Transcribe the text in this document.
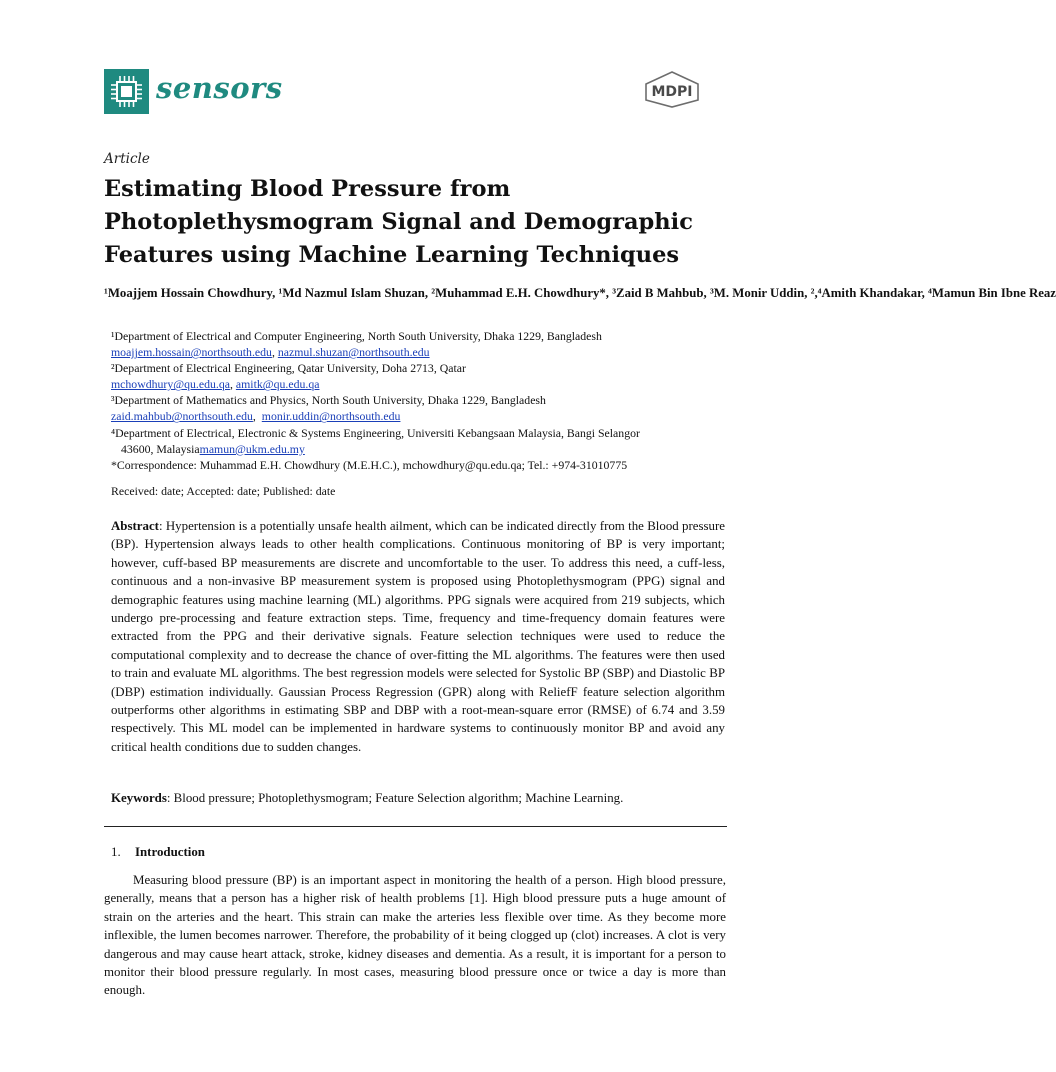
sensors	MDPI
Article
Estimating Blood Pressure from Photoplethysmogram Signal and Demographic Features using Machine Learning Techniques
¹Moajjem Hossain Chowdhury, ¹Md Nazmul Islam Shuzan, ²Muhammad E.H. Chowdhury*, ³Zaid B Mahbub, ³M. Monir Uddin, ²,⁴Amith Khandakar, ⁴Mamun Bin Ibne Reaz
¹Department of Electrical and Computer Engineering, North South University, Dhaka 1229, Bangladesh
moajjem.hossain@northsouth.edu, nazmul.shuzan@northsouth.edu
²Department of Electrical Engineering, Qatar University, Doha 2713, Qatar
mchowdhury@qu.edu.qa, amitk@qu.edu.qa
³Department of Mathematics and Physics, North South University, Dhaka 1229, Bangladesh
zaid.mahbub@northsouth.edu,  monir.uddin@northsouth.edu
⁴Department of Electrical, Electronic & Systems Engineering, Universiti Kebangsaan Malaysia, Bangi Selangor
43600, Malaysiamamun@ukm.edu.my
*Correspondence: Muhammad E.H. Chowdhury (M.E.H.C.), mchowdhury@qu.edu.qa; Tel.: +974-31010775
Received: date; Accepted: date; Published: date

Abstract: Hypertension is a potentially unsafe health ailment, which can be indicated directly from the Blood pressure (BP). Hypertension always leads to other health complications. Continuous monitoring of BP is very important; however, cuff-based BP measurements are discrete and uncomfortable to the user. To address this need, a cuff-less, continuous and a non-invasive BP measurement system is proposed using Photoplethysmogram (PPG) signal and demographic features using machine learning (ML) algorithms. PPG signals were acquired from 219 subjects, which undergo pre-processing and feature extraction steps. Time, frequency and time-frequency domain features were extracted from the PPG and their derivative signals. Feature selection techniques were used to reduce the computational complexity and to decrease the chance of over-fitting the ML algorithms. The features were then used to train and evaluate ML algorithms. The best regression models were selected for Systolic BP (SBP) and Diastolic BP (DBP) estimation individually. Gaussian Process Regression (GPR) along with ReliefF feature selection algorithm outperforms other algorithms in estimating SBP and DBP with a root-mean-square error (RMSE) of 6.74 and 3.59 respectively. This ML model can be implemented in hardware systems to continuously monitor BP and avoid any critical health conditions due to sudden changes.

Keywords: Blood pressure; Photoplethysmogram; Feature Selection algorithm; Machine Learning.

1. Introduction

Measuring blood pressure (BP) is an important aspect in monitoring the health of a person. High blood pressure, generally, means that a person has a higher risk of health problems [1]. High blood pressure puts a huge amount of strain on the arteries and the heart. This strain can make the arteries less flexible over time. As they become more inflexible, the lumen becomes narrower. Therefore, the probability of it being clogged up (clot) increases. A clot is very dangerous and may cause heart attack, stroke, kidney diseases and dementia. As a result, it is important for a person to monitor their blood pressure regularly. In most cases, measuring blood pressure once or twice a day is more than enough.
